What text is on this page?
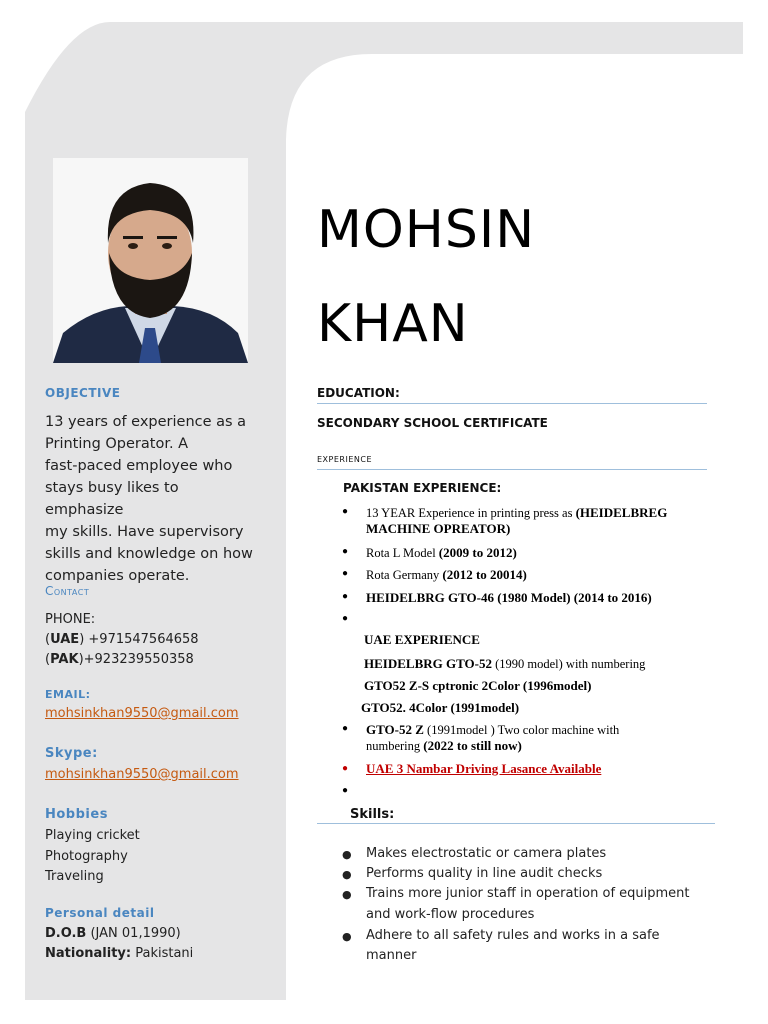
OBJECTIVE
13 years of experience as a
Printing Operator. A
fast-paced employee who
stays busy likes to emphasize
my skills. Have supervisory
skills and knowledge on how
companies operate.
Contact
PHONE:
(UAE) +971547564658
(PAK)+923239550358
EMAIL:
mohsinkhan9550@gmail.com
Skype:
mohsinkhan9550@gmail.com
Hobbies
Playing cricket
Photography
Traveling
Personal detail
D.O.B (JAN 01,1990)
Nationality: Pakistani
MOHSIN
KHAN
EDUCATION:
SECONDARY SCHOOL CERTIFICATE
EXPERIENCE
PAKISTAN EXPERIENCE:
●	13 YEAR Experience in printing press as (HEIDELBREG
MACHINE OPREATOR)
●	Rota L Model (2009 to 2012)
●	Rota Germany (2012 to 20014)
●	HEIDELBRG GTO-46 (1980 Model) (2014 to 2016)
●
UAE EXPERIENCE
HEIDELBRG GTO-52 (1990 model) with numbering
GTO52 Z-S cptronic 2Color (1996model)
GTO52. 4Color (1991model)
●	GTO-52 Z (1991model ) Two color machine with
numbering (2022 to still now)
●	UAE 3 Nambar Driving Lasance Available
●
Skills:
● Makes electrostatic or camera plates
● Performs quality in line audit checks
● Trains more junior staff in operation of equipment
and work-flow procedures
● Adhere to all safety rules and works in a safe
manner
